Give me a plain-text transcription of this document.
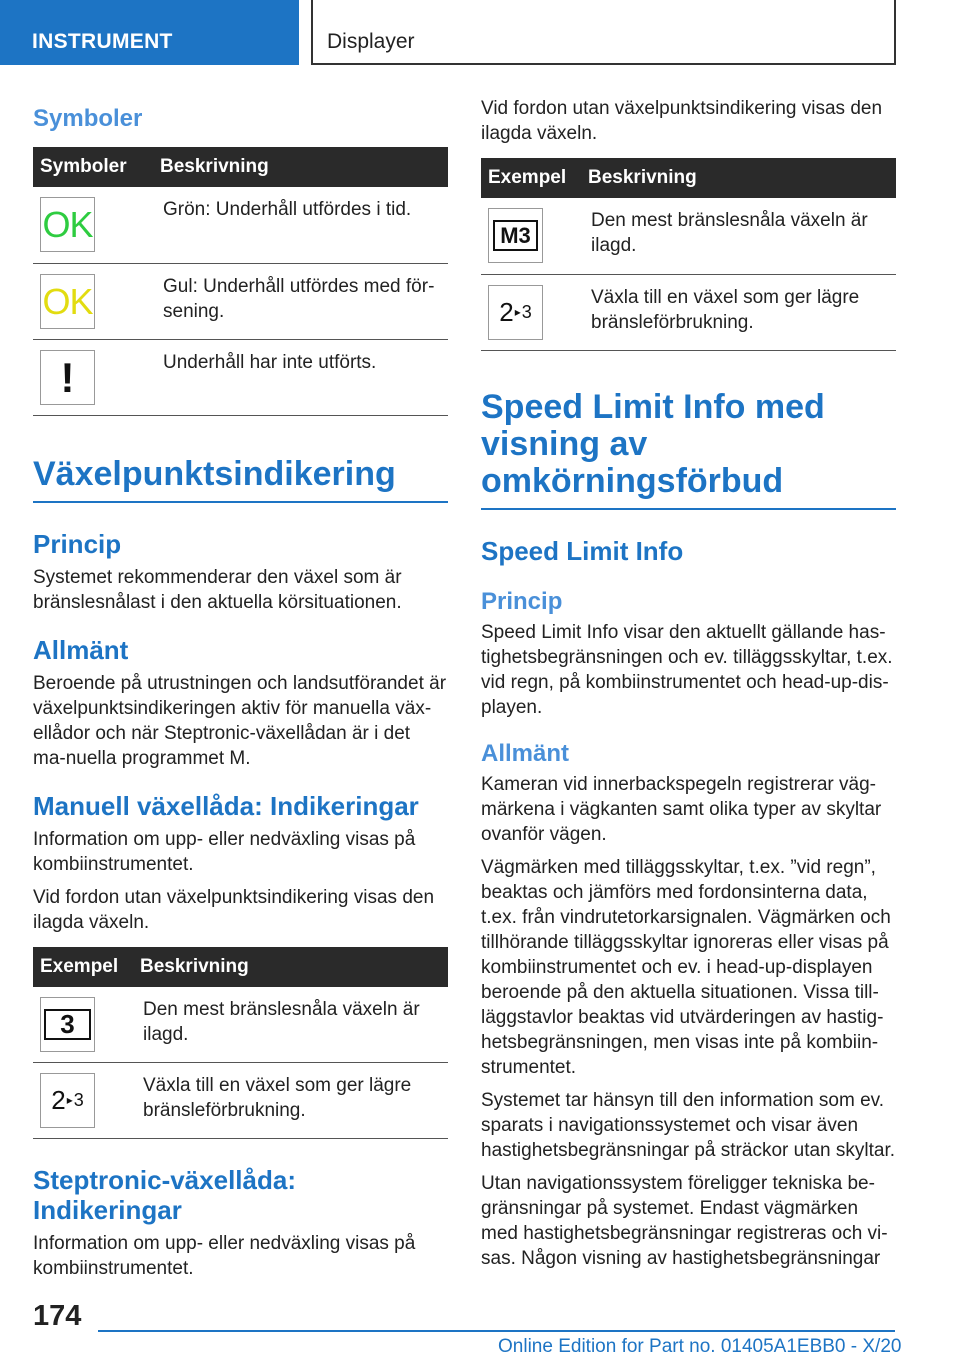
INSTRUMENT	Displayer
Symboler
Symboler	Beskrivning

OK	Grön: Underhåll utfördes i tid.

OK	Gul: Underhåll utfördes med för-sening.

!	Underhåll har inte utförts.
Växelpunktsindikering
Princip

Systemet rekommenderar den växel som är bränslesnålast i den aktuella körsituationen.

Allmänt

Beroende på utrustningen och landsutförandet är växelpunktsindikeringen aktiv för manuella väx-ellådor och när Steptronic-växellådan är i det ma-nuella programmet M.

Manuell växellåda: Indikeringar

Information om upp- eller nedväxling visas på kombiinstrumentet.

Vid fordon utan växelpunktsindikering visas den ilagda växeln.

Exempel	Beskrivning

3	Den mest bränslesnåla växeln är ilagd.

2 ▸ 3	Växla till en växel som ger lägre bränsleförbrukning.
Steptronic-växellåda: Indikeringar

Information om upp- eller nedväxling visas på kombiinstrumentet.

Vid fordon utan växelpunktsindikering visas den ilagda växeln.

Exempel	Beskrivning

M3	Den mest bränslesnåla växeln är ilagd.

2 ▸ 3	Växla till en växel som ger lägre bränsleförbrukning.
Speed Limit Info med visning av omkörningsförbud
Speed Limit Info
Princip

Speed Limit Info visar den aktuellt gällande has-tighetsbegränsningen och ev. tilläggsskyltar, t.ex. vid regn, på kombiinstrumentet och head-up-dis-playen.

Allmänt

Kameran vid innerbackspegeln registrerar väg-märkena i vägkanten samt olika typer av skyltar ovanför vägen.

Vägmärken med tilläggsskyltar, t.ex. ”vid regn”, beaktas och jämförs med fordonsinterna data, t.ex. från vindrutetorkarsignalen. Vägmärken och tillhörande tilläggsskyltar ignoreras eller visas på kombiinstrumentet och ev. i head-up-displayen beroende på den aktuella situationen. Vissa till-läggstavlor beaktas vid utvärderingen av hastig-hetsbegränsningen, men visas inte på kombiin-strumentet.

Systemet tar hänsyn till den information som ev. sparats i navigationssystemet och visar även hastighetsbegränsningar på sträckor utan skyltar.

Utan navigationssystem föreligger tekniska be-gränsningar på systemet. Endast vägmärken med hastighetsbegränsningar registreras och vi-sas. Någon visning av hastighetsbegränsningar

174
Online Edition for Part no. 01405A1EBB0 - X/20
